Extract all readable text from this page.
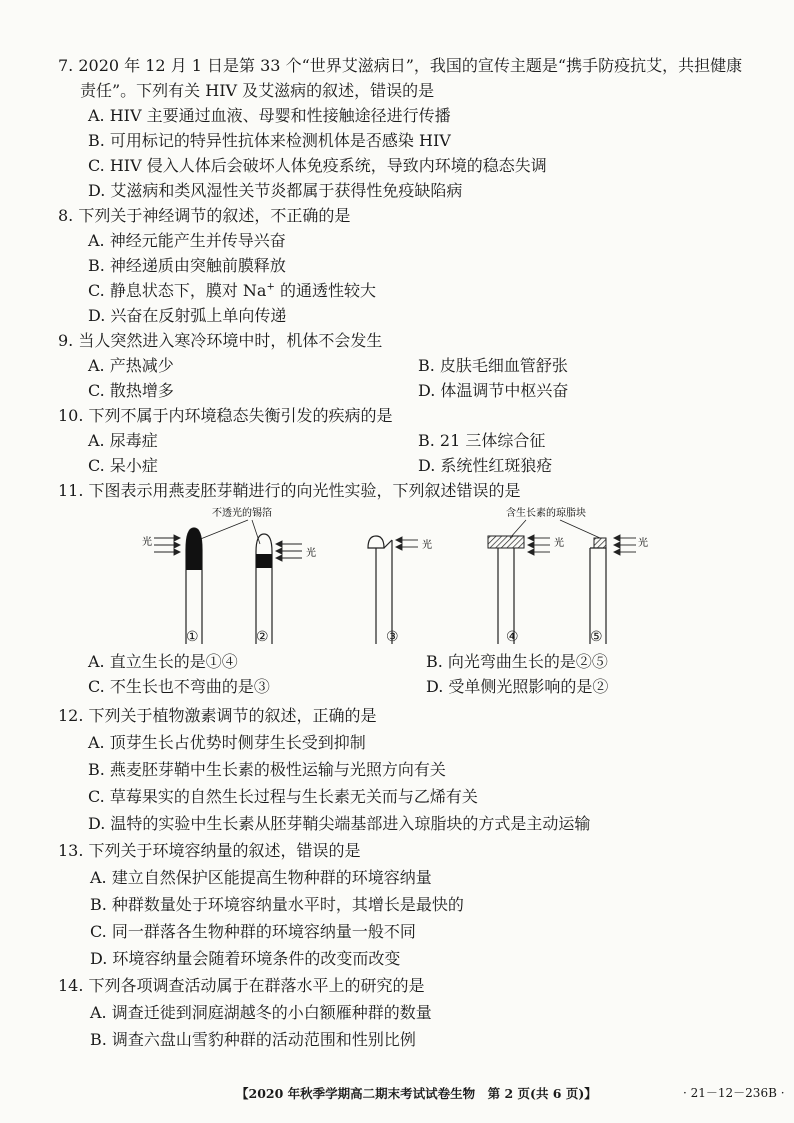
7. 2020 年 12 月 1 日是第 33 个“世界艾滋病日”，我国的宣传主题是“携手防疫抗艾，共担健康
责任”。下列有关 HIV 及艾滋病的叙述，错误的是
A. HIV 主要通过血液、母婴和性接触途径进行传播
B. 可用标记的特异性抗体来检测机体是否感染 HIV
C. HIV 侵入人体后会破坏人体免疫系统，导致内环境的稳态失调
D. 艾滋病和类风湿性关节炎都属于获得性免疫缺陷病
8. 下列关于神经调节的叙述，不正确的是
A. 神经元能产生并传导兴奋
B. 神经递质由突触前膜释放
C. 静息状态下，膜对 Na+ 的通透性较大
D. 兴奋在反射弧上单向传递
9. 当人突然进入寒冷环境中时，机体不会发生
A. 产热减少	B. 皮肤毛细血管舒张
C. 散热增多	D. 体温调节中枢兴奋
10. 下列不属于内环境稳态失衡引发的疾病的是
A. 尿毒症	B. 21 三体综合征
C. 呆小症	D. 系统性红斑狼疮
11. 下图表示用燕麦胚芽鞘进行的向光性实验，下列叙述错误的是
不透光的锡箔	含生长素的琼脂块
光
光
光	光	光
①	②	③	④	⑤
A. 直立生长的是①④	B. 向光弯曲生长的是②⑤
C. 不生长也不弯曲的是③	D. 受单侧光照影响的是②
12. 下列关于植物激素调节的叙述，正确的是
A. 顶芽生长占优势时侧芽生长受到抑制
B. 燕麦胚芽鞘中生长素的极性运输与光照方向有关
C. 草莓果实的自然生长过程与生长素无关而与乙烯有关
D. 温特的实验中生长素从胚芽鞘尖端基部进入琼脂块的方式是主动运输
13. 下列关于环境容纳量的叙述，错误的是
A. 建立自然保护区能提高生物种群的环境容纳量
B. 种群数量处于环境容纳量水平时，其增长是最快的
C. 同一群落各生物种群的环境容纳量一般不同
D. 环境容纳量会随着环境条件的改变而改变
14. 下列各项调查活动属于在群落水平上的研究的是
A. 调查迁徙到洞庭湖越冬的小白额雁种群的数量
B. 调查六盘山雪豹种群的活动范围和性别比例
【2020 年秋季学期高二期末考试试卷生物　第 2 页(共 6 页)】	· 21－12－236B ·
